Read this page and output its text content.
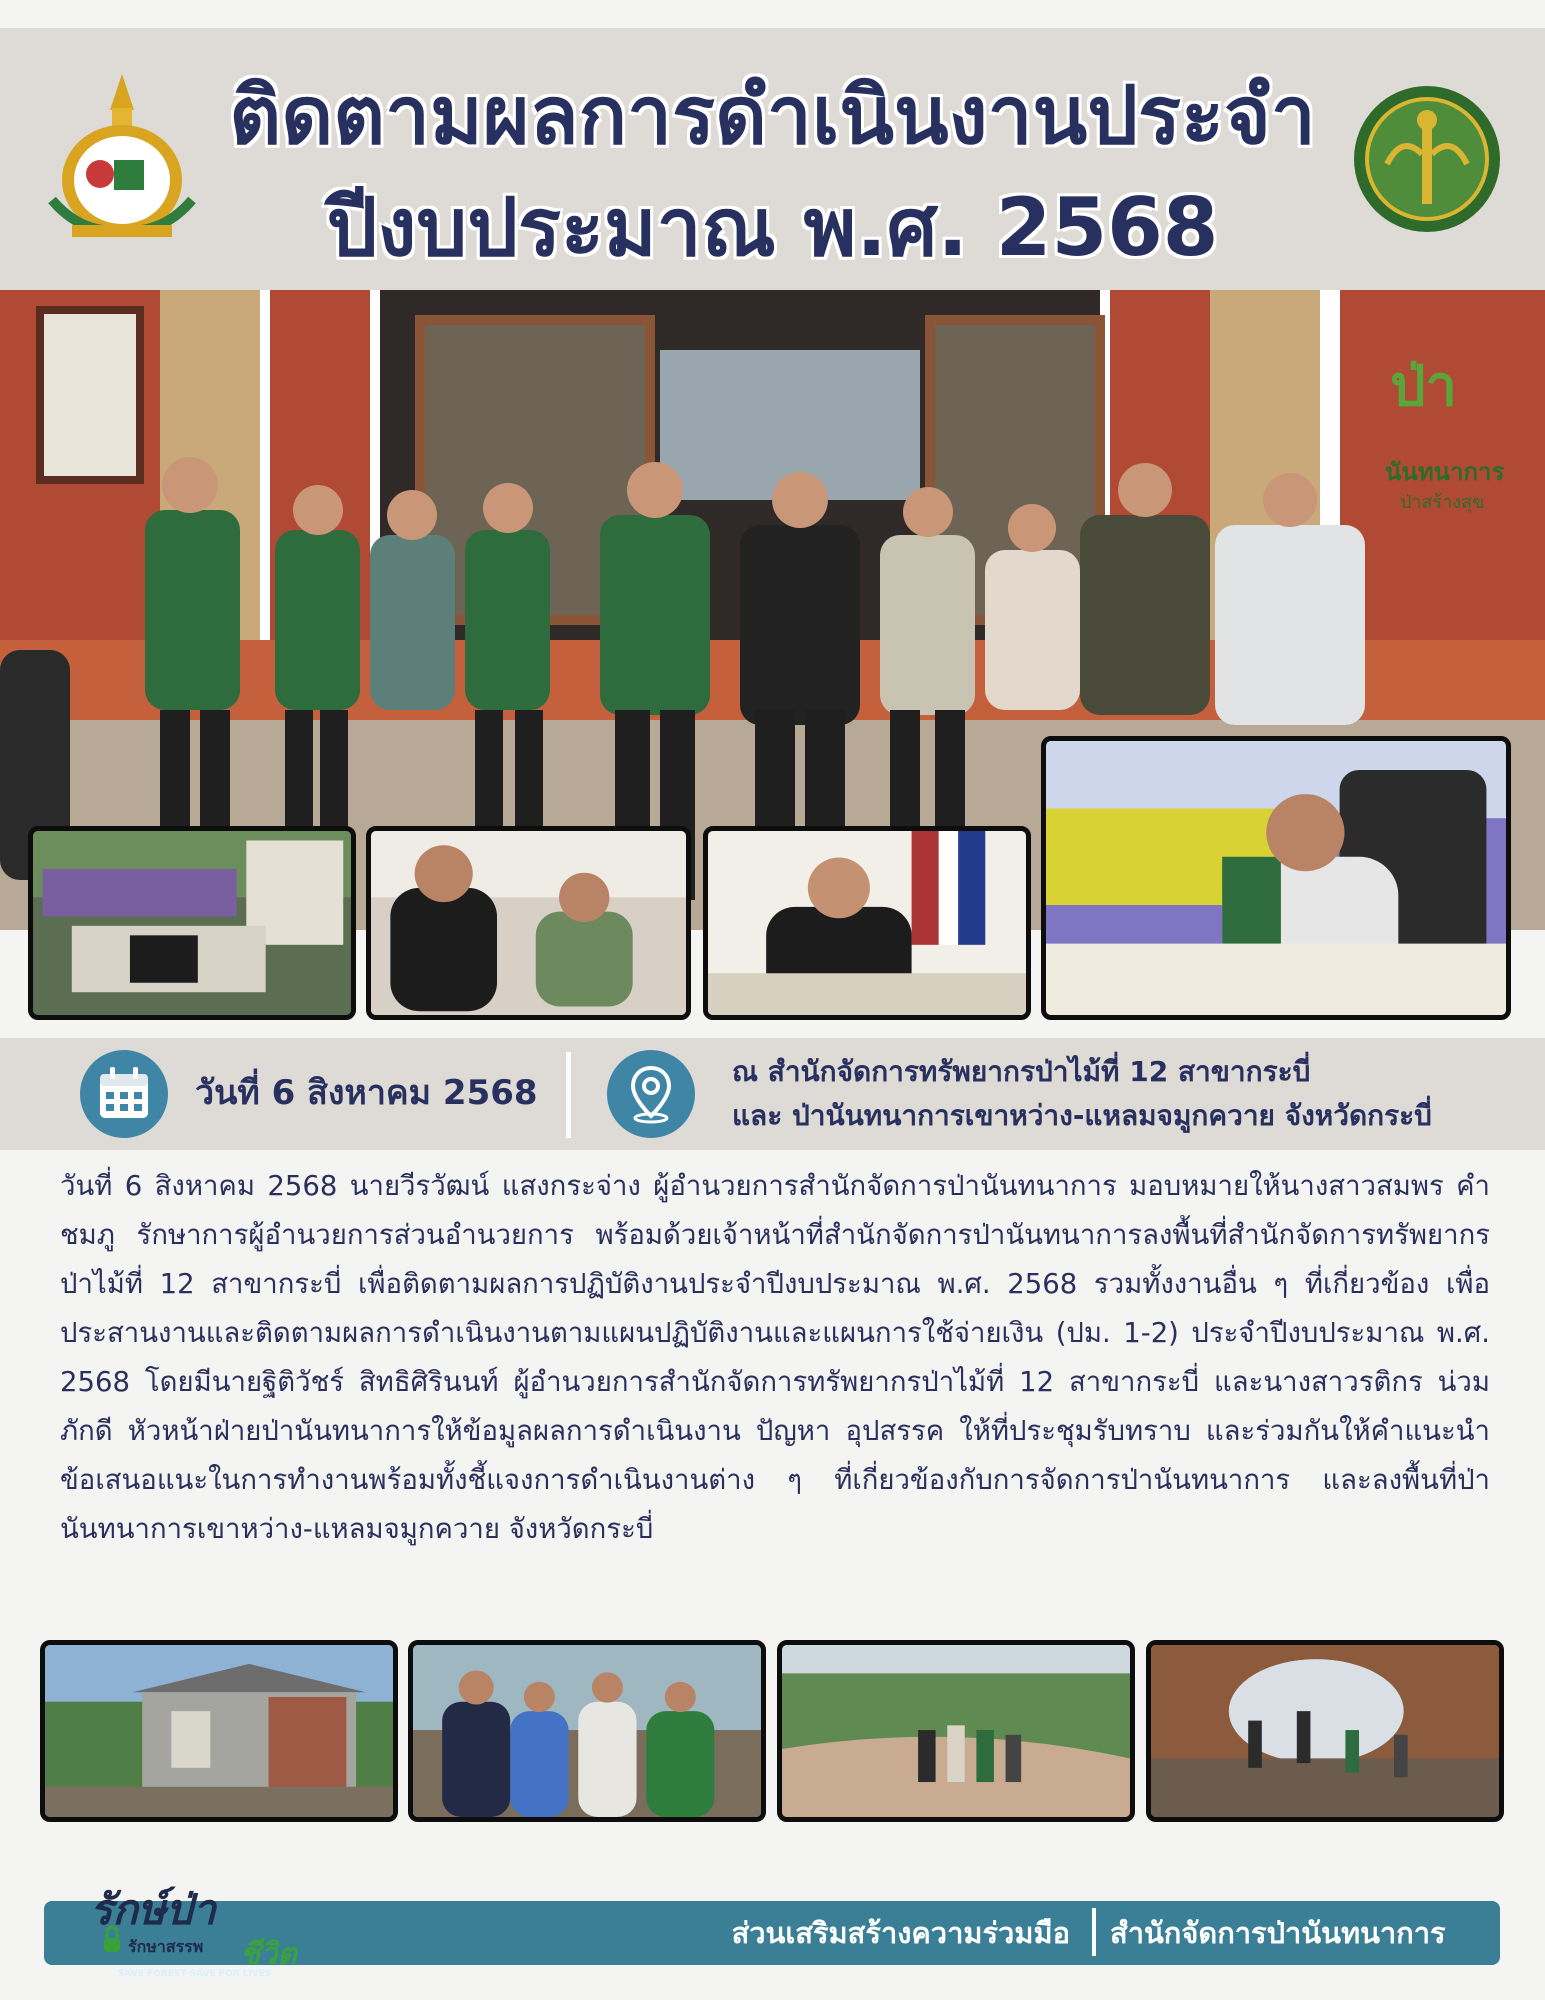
ติดตามผลการดำเนินงานประจำ
ปีงบประมาณ พ.ศ. 2568
ป่า
นันทนาการ
ป่าสร้างสุข
วันที่ 6 สิงหาคม 2568
ณ สำนักจัดการทรัพยากรป่าไม้ที่ 12 สาขากระบี่
และ ป่านันทนาการเขาหว่าง-แหลมจมูกควาย จังหวัดกระบี่

วันที่ 6 สิงหาคม 2568 นายวีรวัฒน์ แสงกระจ่าง ผู้อำนวยการสำนักจัดการป่านันทนาการ มอบหมายให้นางสาวสมพร คำชมภู รักษาการผู้อำนวยการส่วนอำนวยการ พร้อมด้วยเจ้าหน้าที่สำนักจัดการป่านันทนาการลงพื้นที่สำนักจัดการทรัพยากรป่าไม้ที่ 12 สาขากระบี่ เพื่อติดตามผลการปฏิบัติงานประจำปีงบประมาณ พ.ศ. 2568 รวมทั้งงานอื่น ๆ ที่เกี่ยวข้อง เพื่อประสานงานและติดตามผลการดำเนินงานตามแผนปฏิบัติงานและแผนการใช้จ่ายเงิน (ปม. 1-2) ประจำปีงบประมาณ พ.ศ. 2568 โดยมีนายฐิติวัชร์ สิทธิศิรินนท์ ผู้อำนวยการสำนักจัดการทรัพยากรป่าไม้ที่ 12 สาขากระบี่ และนางสาวรติกร น่วมภักดี หัวหน้าฝ่ายป่านันทนาการให้ข้อมูลผลการดำเนินงาน ปัญหา อุปสรรค ให้ที่ประชุมรับทราบ และร่วมกันให้คำแนะนำ ข้อเสนอแนะในการทำงานพร้อมทั้งชี้แจงการดำเนินงานต่าง ๆ ที่เกี่ยวข้องกับการจัดการป่านันทนาการ และลงพื้นที่ป่านันทนาการเขาหว่าง-แหลมจมูกควาย จังหวัดกระบี่

รักษ์ป่า
ชีวิต
รักษาสรรพ
SAVE FOREST SAVE FOR LIVES
ส่วนเสริมสร้างความร่วมมือ สำนักจัดการป่านันทนาการ
